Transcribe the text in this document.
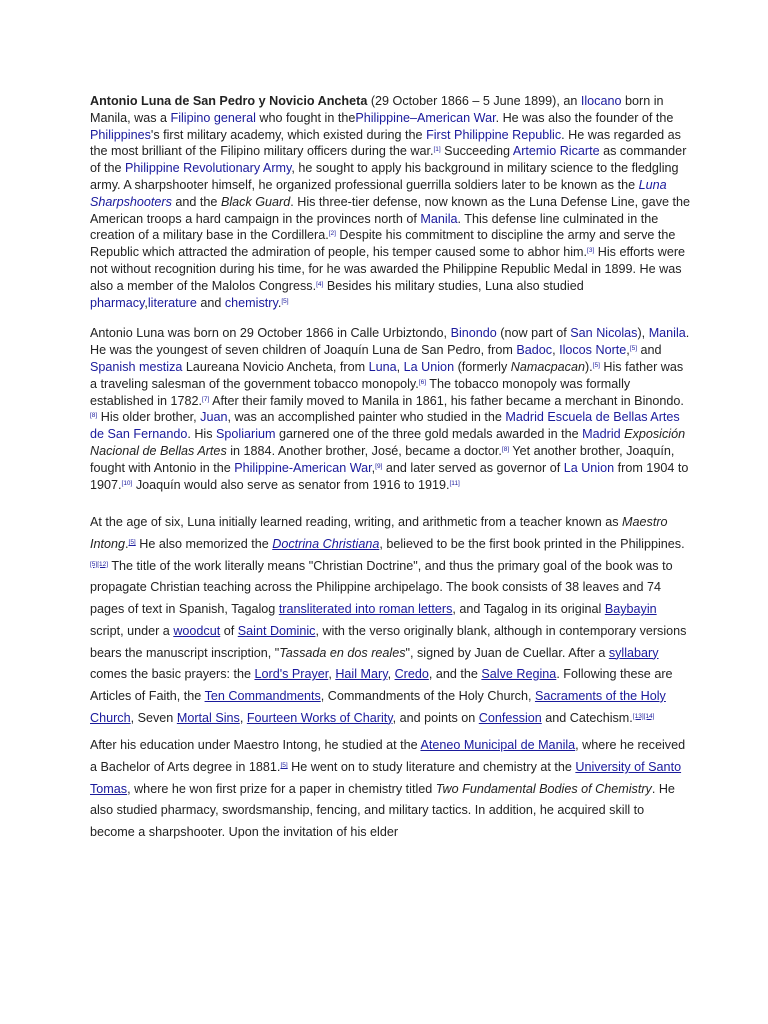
Antonio Luna de San Pedro y Novicio Ancheta (29 October 1866 – 5 June 1899), an Ilocano born in Manila, was a Filipino general who fought in thePhilippine–American War. He was also the founder of the Philippines's first military academy, which existed during the First Philippine Republic. He was regarded as the most brilliant of the Filipino military officers during the war.[1] Succeeding Artemio Ricarte as commander of the Philippine Revolutionary Army, he sought to apply his background in military science to the fledgling army. A sharpshooter himself, he organized professional guerrilla soldiers later to be known as the Luna Sharpshooters and the Black Guard. His three-tier defense, now known as the Luna Defense Line, gave the American troops a hard campaign in the provinces north of Manila. This defense line culminated in the creation of a military base in the Cordillera.[2] Despite his commitment to discipline the army and serve the Republic which attracted the admiration of people, his temper caused some to abhor him.[3] His efforts were not without recognition during his time, for he was awarded the Philippine Republic Medal in 1899. He was also a member of the Malolos Congress.[4] Besides his military studies, Luna also studied pharmacy,literature and chemistry.[5]

Antonio Luna was born on 29 October 1866 in Calle Urbiztondo, Binondo (now part of San Nicolas), Manila. He was the youngest of seven children of Joaquín Luna de San Pedro, from Badoc, Ilocos Norte,[5] and Spanish mestiza Laureana Novicio Ancheta, from Luna, La Union (formerly Namacpacan).[5] His father was a traveling salesman of the government tobacco monopoly.[6] The tobacco monopoly was formally established in 1782.[7] After their family moved to Manila in 1861, his father became a merchant in Binondo.[8] His older brother, Juan, was an accomplished painter who studied in the Madrid Escuela de Bellas Artes de San Fernando. His Spoliarium garnered one of the three gold medals awarded in the Madrid Exposición Nacional de Bellas Artes in 1884. Another brother, José, became a doctor.[8] Yet another brother, Joaquín, fought with Antonio in the Philippine-American War,[9] and later served as governor of La Union from 1904 to 1907.[10] Joaquín would also serve as senator from 1916 to 1919.[11]

At the age of six, Luna initially learned reading, writing, and arithmetic from a teacher known as Maestro Intong.[5] He also memorized the Doctrina Christiana, believed to be the first book printed in the Philippines.[5][12] The title of the work literally means "Christian Doctrine", and thus the primary goal of the book was to propagate Christian teaching across the Philippine archipelago. The book consists of 38 leaves and 74 pages of text in Spanish, Tagalog transliterated into roman letters, and Tagalog in its original Baybayin script, under a woodcut of Saint Dominic, with the verso originally blank, although in contemporary versions bears the manuscript inscription, "Tassada en dos reales", signed by Juan de Cuellar. After a syllabary comes the basic prayers: the Lord's Prayer, Hail Mary, Credo, and the Salve Regina. Following these are Articles of Faith, the Ten Commandments, Commandments of the Holy Church, Sacraments of the Holy Church, Seven Mortal Sins, Fourteen Works of Charity, and points on Confession and Catechism.[13][14]

After his education under Maestro Intong, he studied at the Ateneo Municipal de Manila, where he received a Bachelor of Arts degree in 1881.[5] He went on to study literature and chemistry at the University of Santo Tomas, where he won first prize for a paper in chemistry titled Two Fundamental Bodies of Chemistry. He also studied pharmacy, swordsmanship, fencing, and military tactics. In addition, he acquired skill to become a sharpshooter. Upon the invitation of his elder
